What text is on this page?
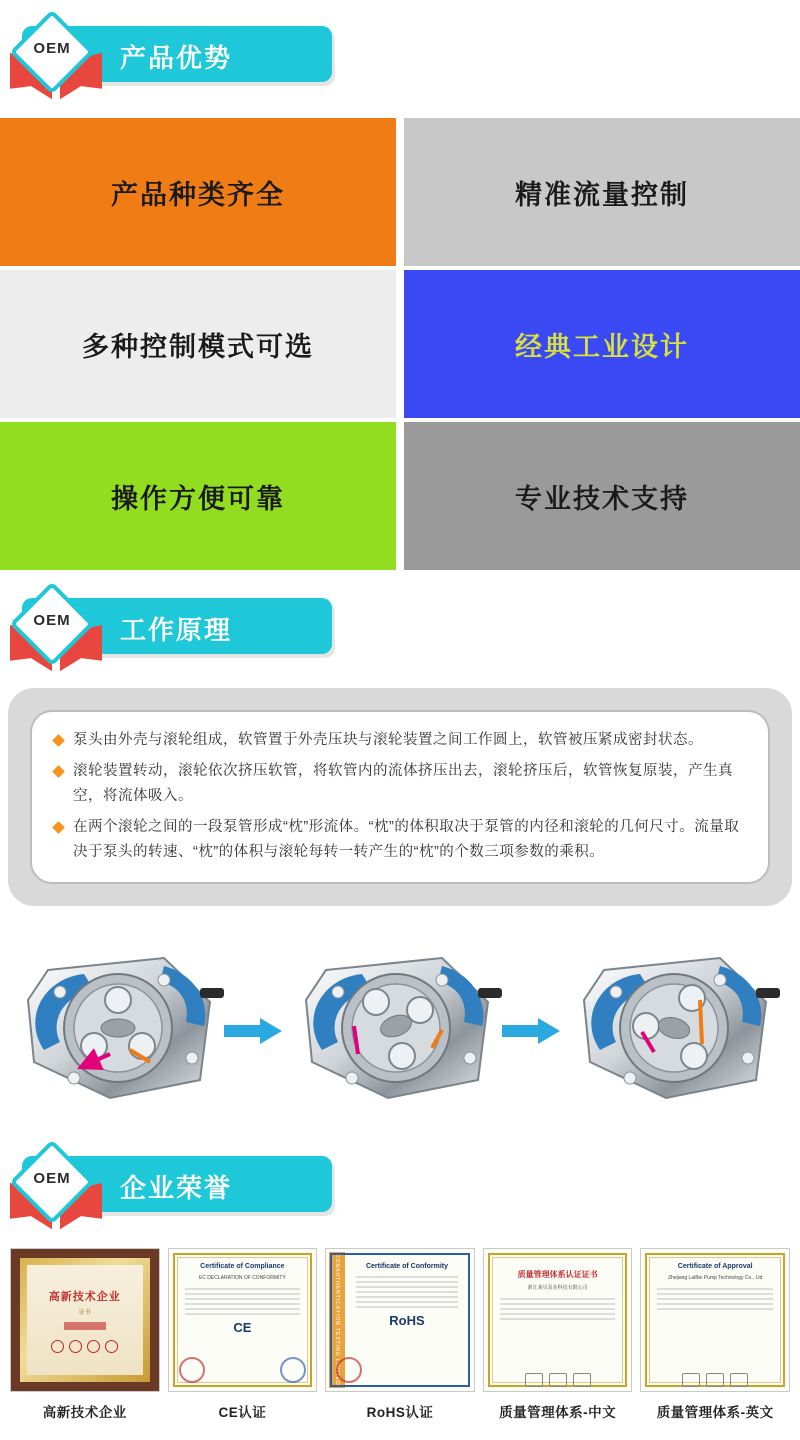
产品优势
OEM
产品种类齐全	精准流量控制
多种控制模式可选	经典工业设计
操作方便可靠	专业技术支持
工作原理
OEM
泵头由外壳与滚轮组成，软管置于外壳压块与滚轮装置之间工作圆上，软管被压紧成密封状态。
滚轮装置转动，滚轮依次挤压软管，将软管内的流体挤压出去，滚轮挤压后，软管恢复原装，产生真空，将流体吸入。
在两个滚轮之间的一段泵管形成“枕”形流体。“枕”的体积取决于泵管的内径和滚轮的几何尺寸。流量取决于泵头的转速、“枕”的体积与滚轮每转一转产生的“枕”的个数三项参数的乘积。
企业荣誉
OEM
高新技术企业
证书
高新技术企业
Certificate of Compliance
EC DECLARATION OF CONFORMITY
CE
CE认证
CONAUTHENTICATION TESTING LIMITED	Certificate of Conformity
RoHS
RoHS认证
质量管理体系认证证书
浙江莱贝泵业科技有限公司
质量管理体系-中文
Certificate of Approval
Zhejiang LaiBei Pump Technology Co., Ltd
质量管理体系-英文
